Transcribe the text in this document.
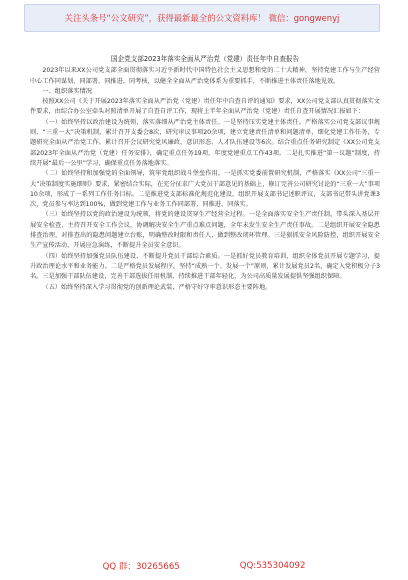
关注头条号“公文研究”，获得最新最全的公文资料库！ 微信：gongwenyj

国企党支部2023年落实全面从严治党（党建）责任年中自查报告

2023年以来XX公司党支部全面贯彻落实习近平新时代中国特色社会主义思想和党的二十大精神，坚持党建工作与生产经营中心工作同谋划、同部署、同推进、同考核，以健全全面从严治党体系为重要抓手，不断推进主体责任落地见效。

一、组织落实情况

按照XX公司《关于开展2023年落实全面从严治党（党建）责任年中自查自评的通知》要求，XX公司党支部认真贯彻落实文件要求，由综合办公室牵头对照清单开展了自查自评工作，现将上半年全面从严治党（党建）责任自查开展情况汇报如下：

（一）始终坚持以政治建设为统领，落实落细从严治党主体责任。一是坚持压实党建主体责任。严格落实公司党支部议事规则、“三重一大”决策机制，累计召开支委会8次，研究审议事项20余项，建立党建责任清单和问题清单，细化党建工作任务，专题研究全面从严治党工作。累计召开会议研究党风廉政、意识形态、人才队伍建设等6次。结合重点任务研究制定《XX公司党支部2023年全面从严治党（党建）任务安排》，确定重点任务19项，年度党建重点工作43项。二是扎实推进“第一议题”制度，持续开展“最后一公里”学习，确保重点任务落地落实。

（二）始终坚持和加强党的全面领导，筑牢党组织战斗堡垒作用。一是抓实党委前置研究机制，严格落实《XX公司“三重一大”决策制度实施细则》要求，紧密结合实际，在充分征求广大党员干部意见的基础上，修订完善公司研究讨论的“三重一大”事项10余项，形成了一系列工作任务目标。二是推进党支部标准化规范化建设，组织开展支部书记述职评议，支部书记带头讲党课3次，党员参与率达到100%，做到党建工作与业务工作同部署、同推进、同落实。

（三）始终坚持以党的政治建设为统领，将党的建设贯穿生产经营全过程。一是全面落实安全生产责任制，带头深入基层开展安全检查，主持召开安全工作会议，协调解决安全生产重点难点问题，全年未发生安全生产责任事故。二是组织开展安全隐患排查治理，对排查出的隐患问题建立台账，明确整改时限和责任人，做到整改闭环管理。三是狠抓安全风险防控，组织开展安全生产宣传活动，开展应急演练，不断提升全员安全意识。

（四）始终坚持加强党员队伍建设，不断提升党员干部综合素质。一是抓好党员教育培训，组织全体党员开展专题学习，提升政治理论水平和业务能力。二是严格党员发展程序，坚持“成熟一个、发展一个”原则，累计发展党员2名，确定入党积极分子3名。三是加强干部队伍建设，完善干部选拔任用机制，持续推进干部年轻化，为公司高质量发展提供坚强组织保障。

（五）始终坚持深入学习贯彻党的创新理论武装，严格守好守牢意识形态主要阵地。

QQ 群：30265665	QQ:535304092
